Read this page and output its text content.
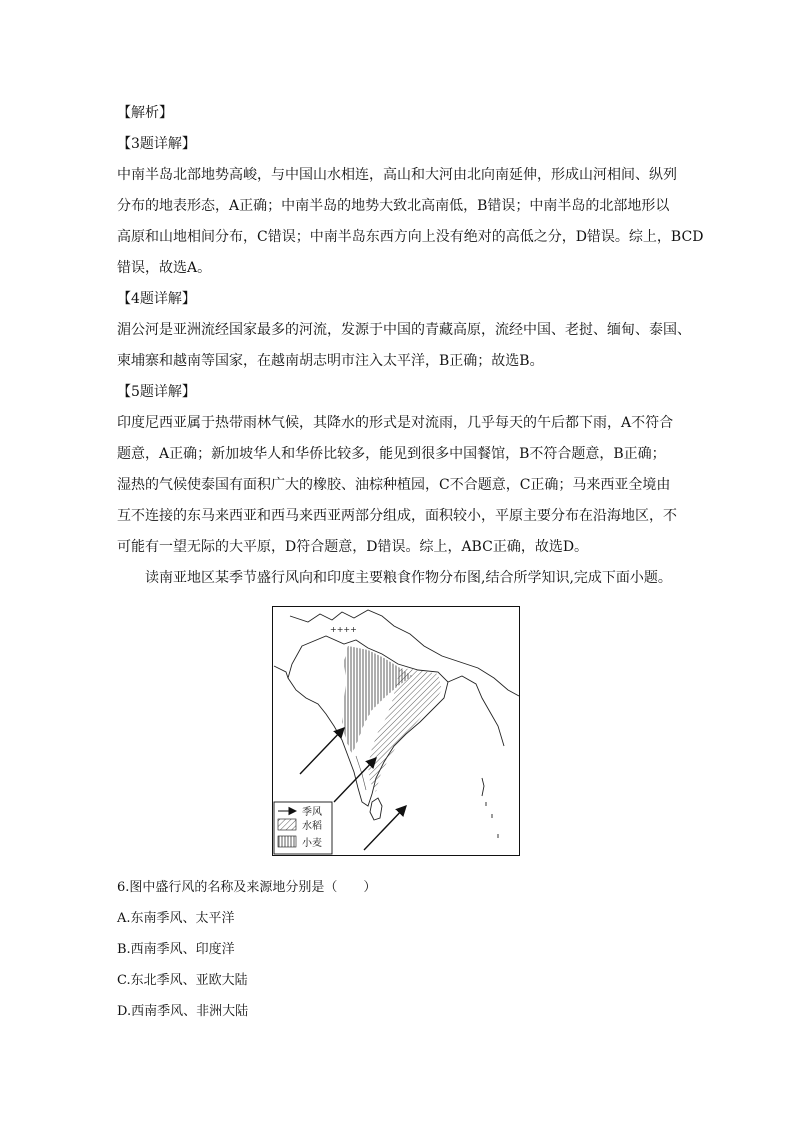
【解析】
【3题详解】
中南半岛北部地势高峻，与中国山水相连，高山和大河由北向南延伸，形成山河相间、纵列
分布的地表形态，A正确；中南半岛的地势大致北高南低，B错误；中南半岛的北部地形以
高原和山地相间分布，C错误；中南半岛东西方向上没有绝对的高低之分，D错误。综上，BCD
错误，故选A。
【4题详解】
湄公河是亚洲流经国家最多的河流，发源于中国的青藏高原，流经中国、老挝、缅甸、泰国、
柬埔寨和越南等国家，在越南胡志明市注入太平洋，B正确；故选B。
【5题详解】
印度尼西亚属于热带雨林气候，其降水的形式是对流雨，几乎每天的午后都下雨，A不符合
题意，A正确；新加坡华人和华侨比较多，能见到很多中国餐馆，B不符合题意，B正确；
湿热的气候使泰国有面积广大的橡胶、油棕种植园，C不合题意，C正确；马来西亚全境由
互不连接的东马来西亚和西马来西亚两部分组成，面积较小，平原主要分布在沿海地区，不
可能有一望无际的大平原，D符合题意，D错误。综上，ABC正确，故选D。
读南亚地区某季节盛行风向和印度主要粮食作物分布图,结合所学知识,完成下面小题。
++++
季风
水稻
小麦
6.图中盛行风的名称及来源地分别是（　　）
A.东南季风、太平洋
B.西南季风、印度洋
C.东北季风、亚欧大陆
D.西南季风、非洲大陆
